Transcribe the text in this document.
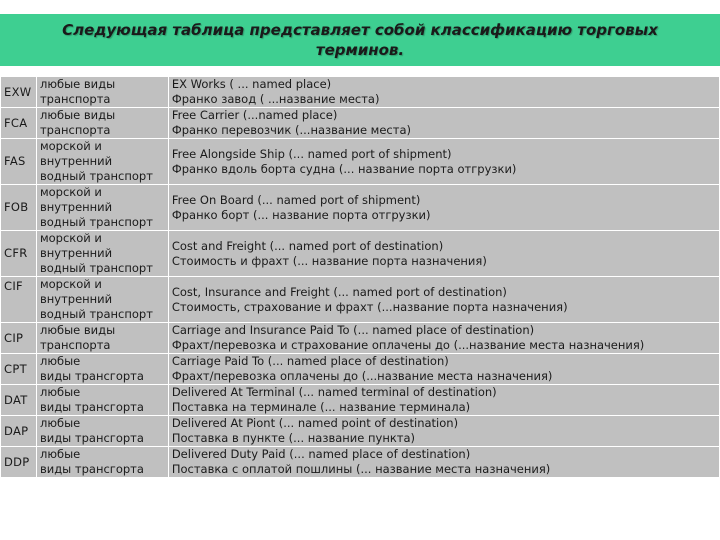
Следующая таблица представляет собой классификацию торговых терминов.
EXW	любые виды
транспорта	EX Works ( ... named place)
Франко завод ( ...название места)

FCA	любые виды
транспорта	Free Carrier (...named place)
Франко перевозчик (...название места)

FAS	морской и
внутренний
водный транспорт	Free Alongside Ship (... named port of shipment)
Франко вдоль борта судна (... название порта отгрузки)

FOB	морской и
внутренний
водный транспорт	Free On Board (... named port of shipment)
Франко борт (... название порта отгрузки)

CFR	морской и
внутренний
водный транспорт	Cost and Freight (... named port of destination)
Стоимость и фрахт (... название порта назначения)

CIF	морской и
внутренний
водный транспорт	Cost, Insurance and Freight (... named port of destination)
Стоимость, страхование и фрахт (...название порта назначения)

CIP	любые виды
транспорта	Carriage and Insurance Paid To (... named place of destination)
Фрахт/перевозка и страхование оплачены до (...название места назначения)

CPT	любые
виды трансгорта	Carriage Paid To (... named place of destination)
Фрахт/перевозка оплачены до (...название места назначения)

DAT	любые
виды трансгорта	Delivered At Terminal (... named terminal of destination)
Поставка на терминале (... название терминала)

DAP	любые
виды трансгорта	Delivered At Piont (... named point of destination)
Поставка в пункте (... название пункта)

DDP	любые
виды трансгорта	Delivered Duty Paid (... named place of destination)
Поставка с оплатой пошлины (... название места назначения)
